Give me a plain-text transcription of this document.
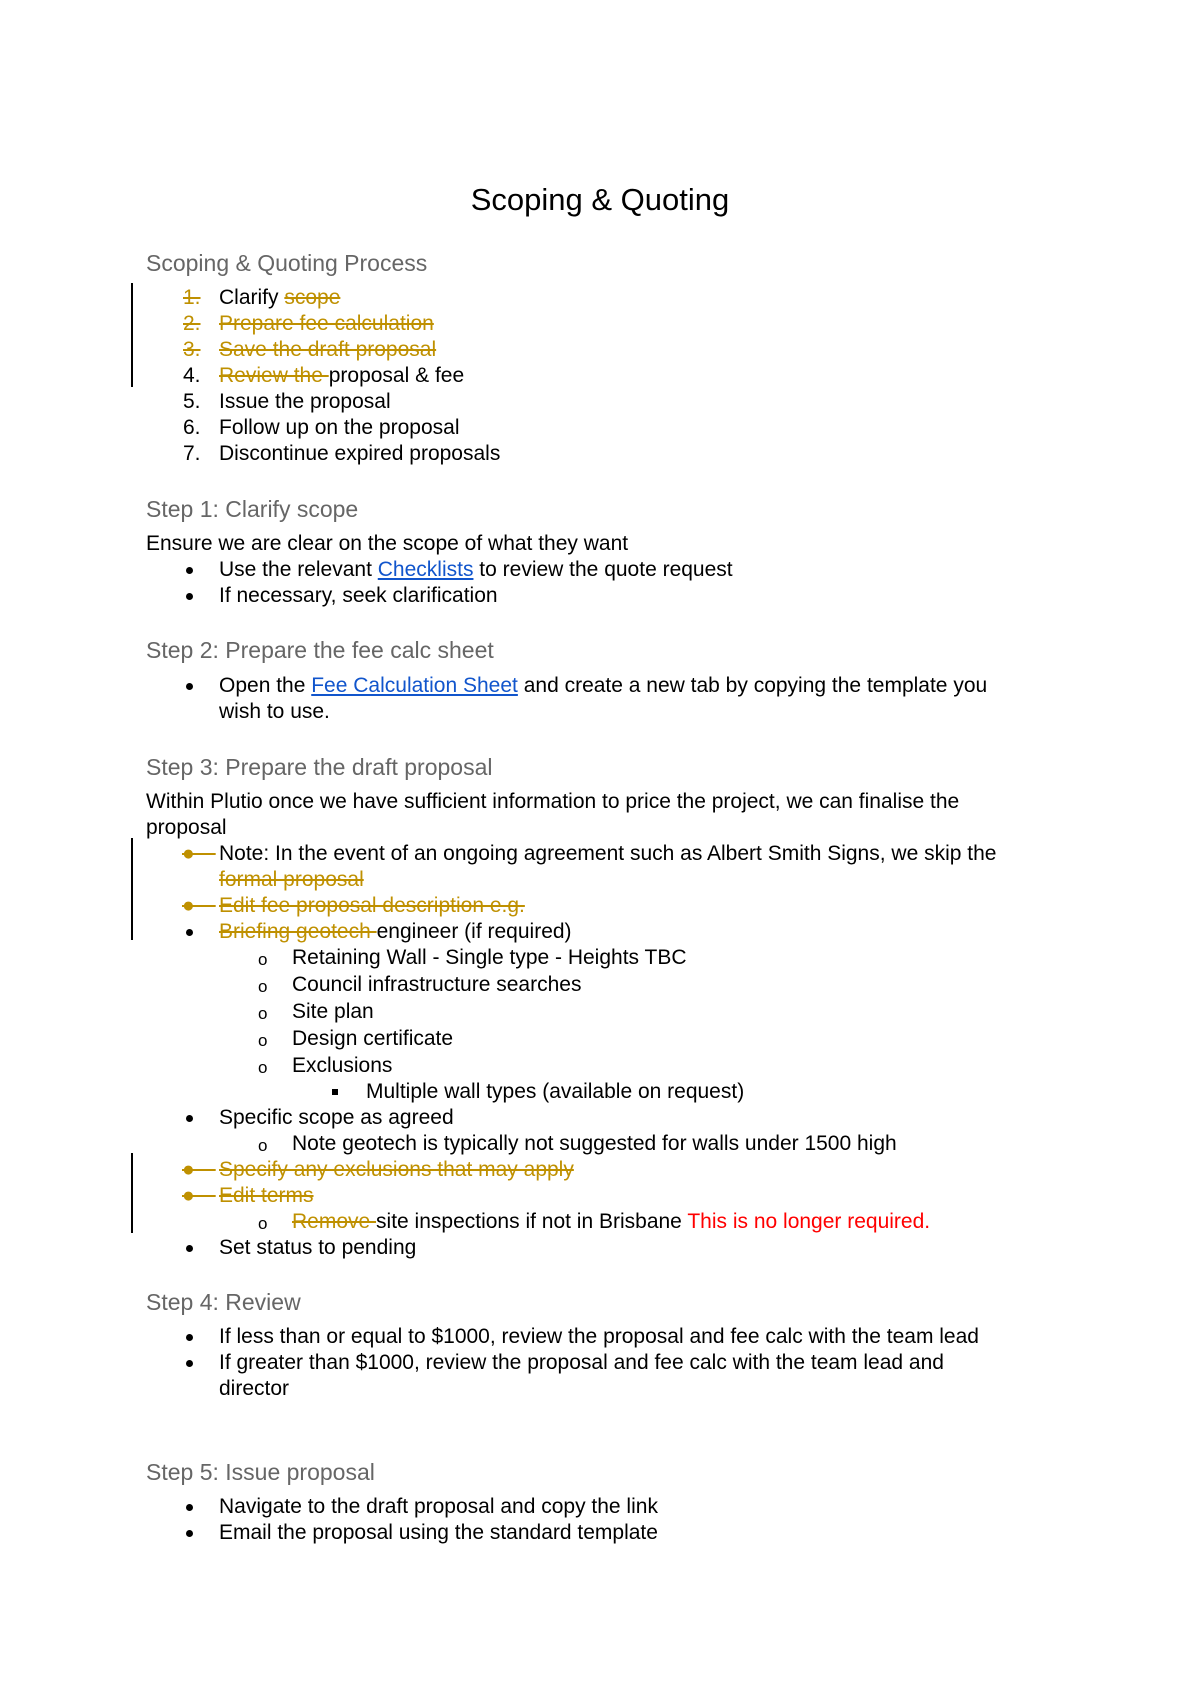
Scoping & Quoting
Scoping & Quoting Process
1. Clarify scope
2. Prepare fee calculation
3. Save the draft proposal
4. Review the proposal & fee
5. Issue the proposal
6. Follow up on the proposal
7. Discontinue expired proposals
Step 1: Clarify scope
Ensure we are clear on the scope of what they want
Use the relevant Checklists to review the quote request
If necessary, seek clarification
Step 2: Prepare the fee calc sheet
Open the Fee Calculation Sheet and create a new tab by copying the template you
wish to use.
Step 3: Prepare the draft proposal
Within Plutio once we have sufficient information to price the project, we can finalise the
proposal
●  Note: In the event of an ongoing agreement such as Albert Smith Signs, we skip the
formal proposal
●  Edit fee proposal description e.g.
Briefing geotech engineer (if required)
o Retaining Wall - Single type - Heights TBC
o Council infrastructure searches
o Site plan
o Design certificate
o Exclusions
Multiple wall types (available on request)
Specific scope as agreed
o Note geotech is typically not suggested for walls under 1500 high
●  Specify any exclusions that may apply
●  Edit terms
o Remove site inspections if not in Brisbane This is no longer required.
Set status to pending
Step 4: Review
If less than or equal to $1000, review the proposal and fee calc with the team lead
If greater than $1000, review the proposal and fee calc with the team lead and
director
Step 5: Issue proposal
Navigate to the draft proposal and copy the link
Email the proposal using the standard template
